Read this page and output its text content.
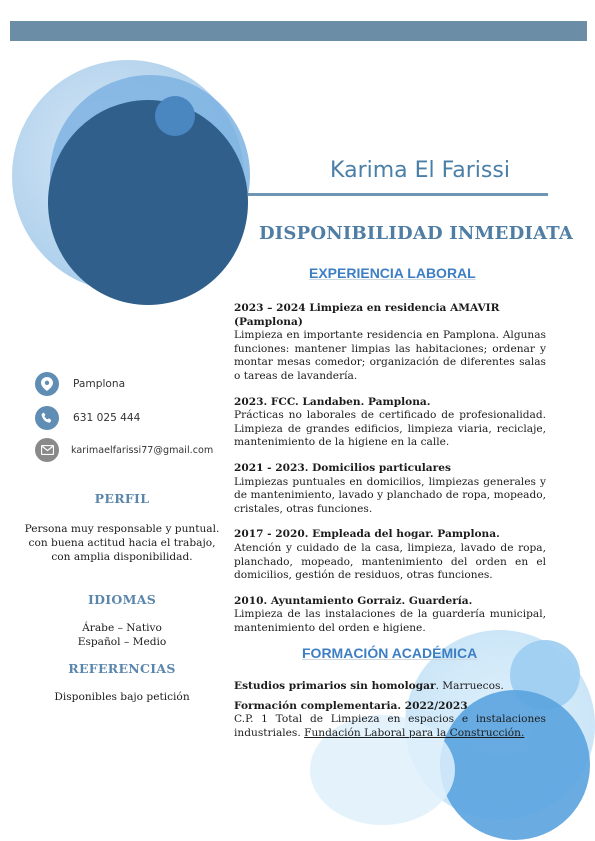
Karima El Farissi
DISPONIBILIDAD INMEDIATA
EXPERIENCIA LABORAL
2023 – 2024 Limpieza en residencia AMAVIR (Pamplona)
Limpieza en importante residencia en Pamplona. Algunas funciones: mantener limpias las habitaciones; ordenar y montar mesas comedor; organización de diferentes salas o tareas de lavandería.
2023. FCC. Landaben. Pamplona.
Prácticas no laborales de certificado de profesionalidad. Limpieza de grandes edificios, limpieza viaria, reciclaje, mantenimiento de la higiene en la calle.
2021 - 2023. Domicilios particulares
Limpiezas puntuales en domicilios, limpiezas generales y de mantenimiento, lavado y planchado de ropa, mopeado, cristales, otras funciones.
2017 - 2020. Empleada del hogar. Pamplona.
Atención y cuidado de la casa, limpieza, lavado de ropa, planchado, mopeado, mantenimiento del orden en el domicilios, gestión de residuos, otras funciones.
2010. Ayuntamiento Gorraiz. Guardería.
Limpieza de las instalaciones de la guardería municipal, mantenimiento del orden e higiene.
FORMACIÓN ACADÉMICA
Estudios primarios sin homologar. Marruecos.
Formación complementaria. 2022/2023
C.P. 1 Total de Limpieza en espacios e instalaciones industriales. Fundación Laboral para la Construcción.
Pamplona
631 025 444
karimaelfarissi77@gmail.com
PERFIL
Persona muy responsable y puntual. con buena actitud hacia el trabajo, con amplia disponibilidad.
IDIOMAS
Árabe – Nativo
Español – Medio
REFERENCIAS
Disponibles bajo petición
